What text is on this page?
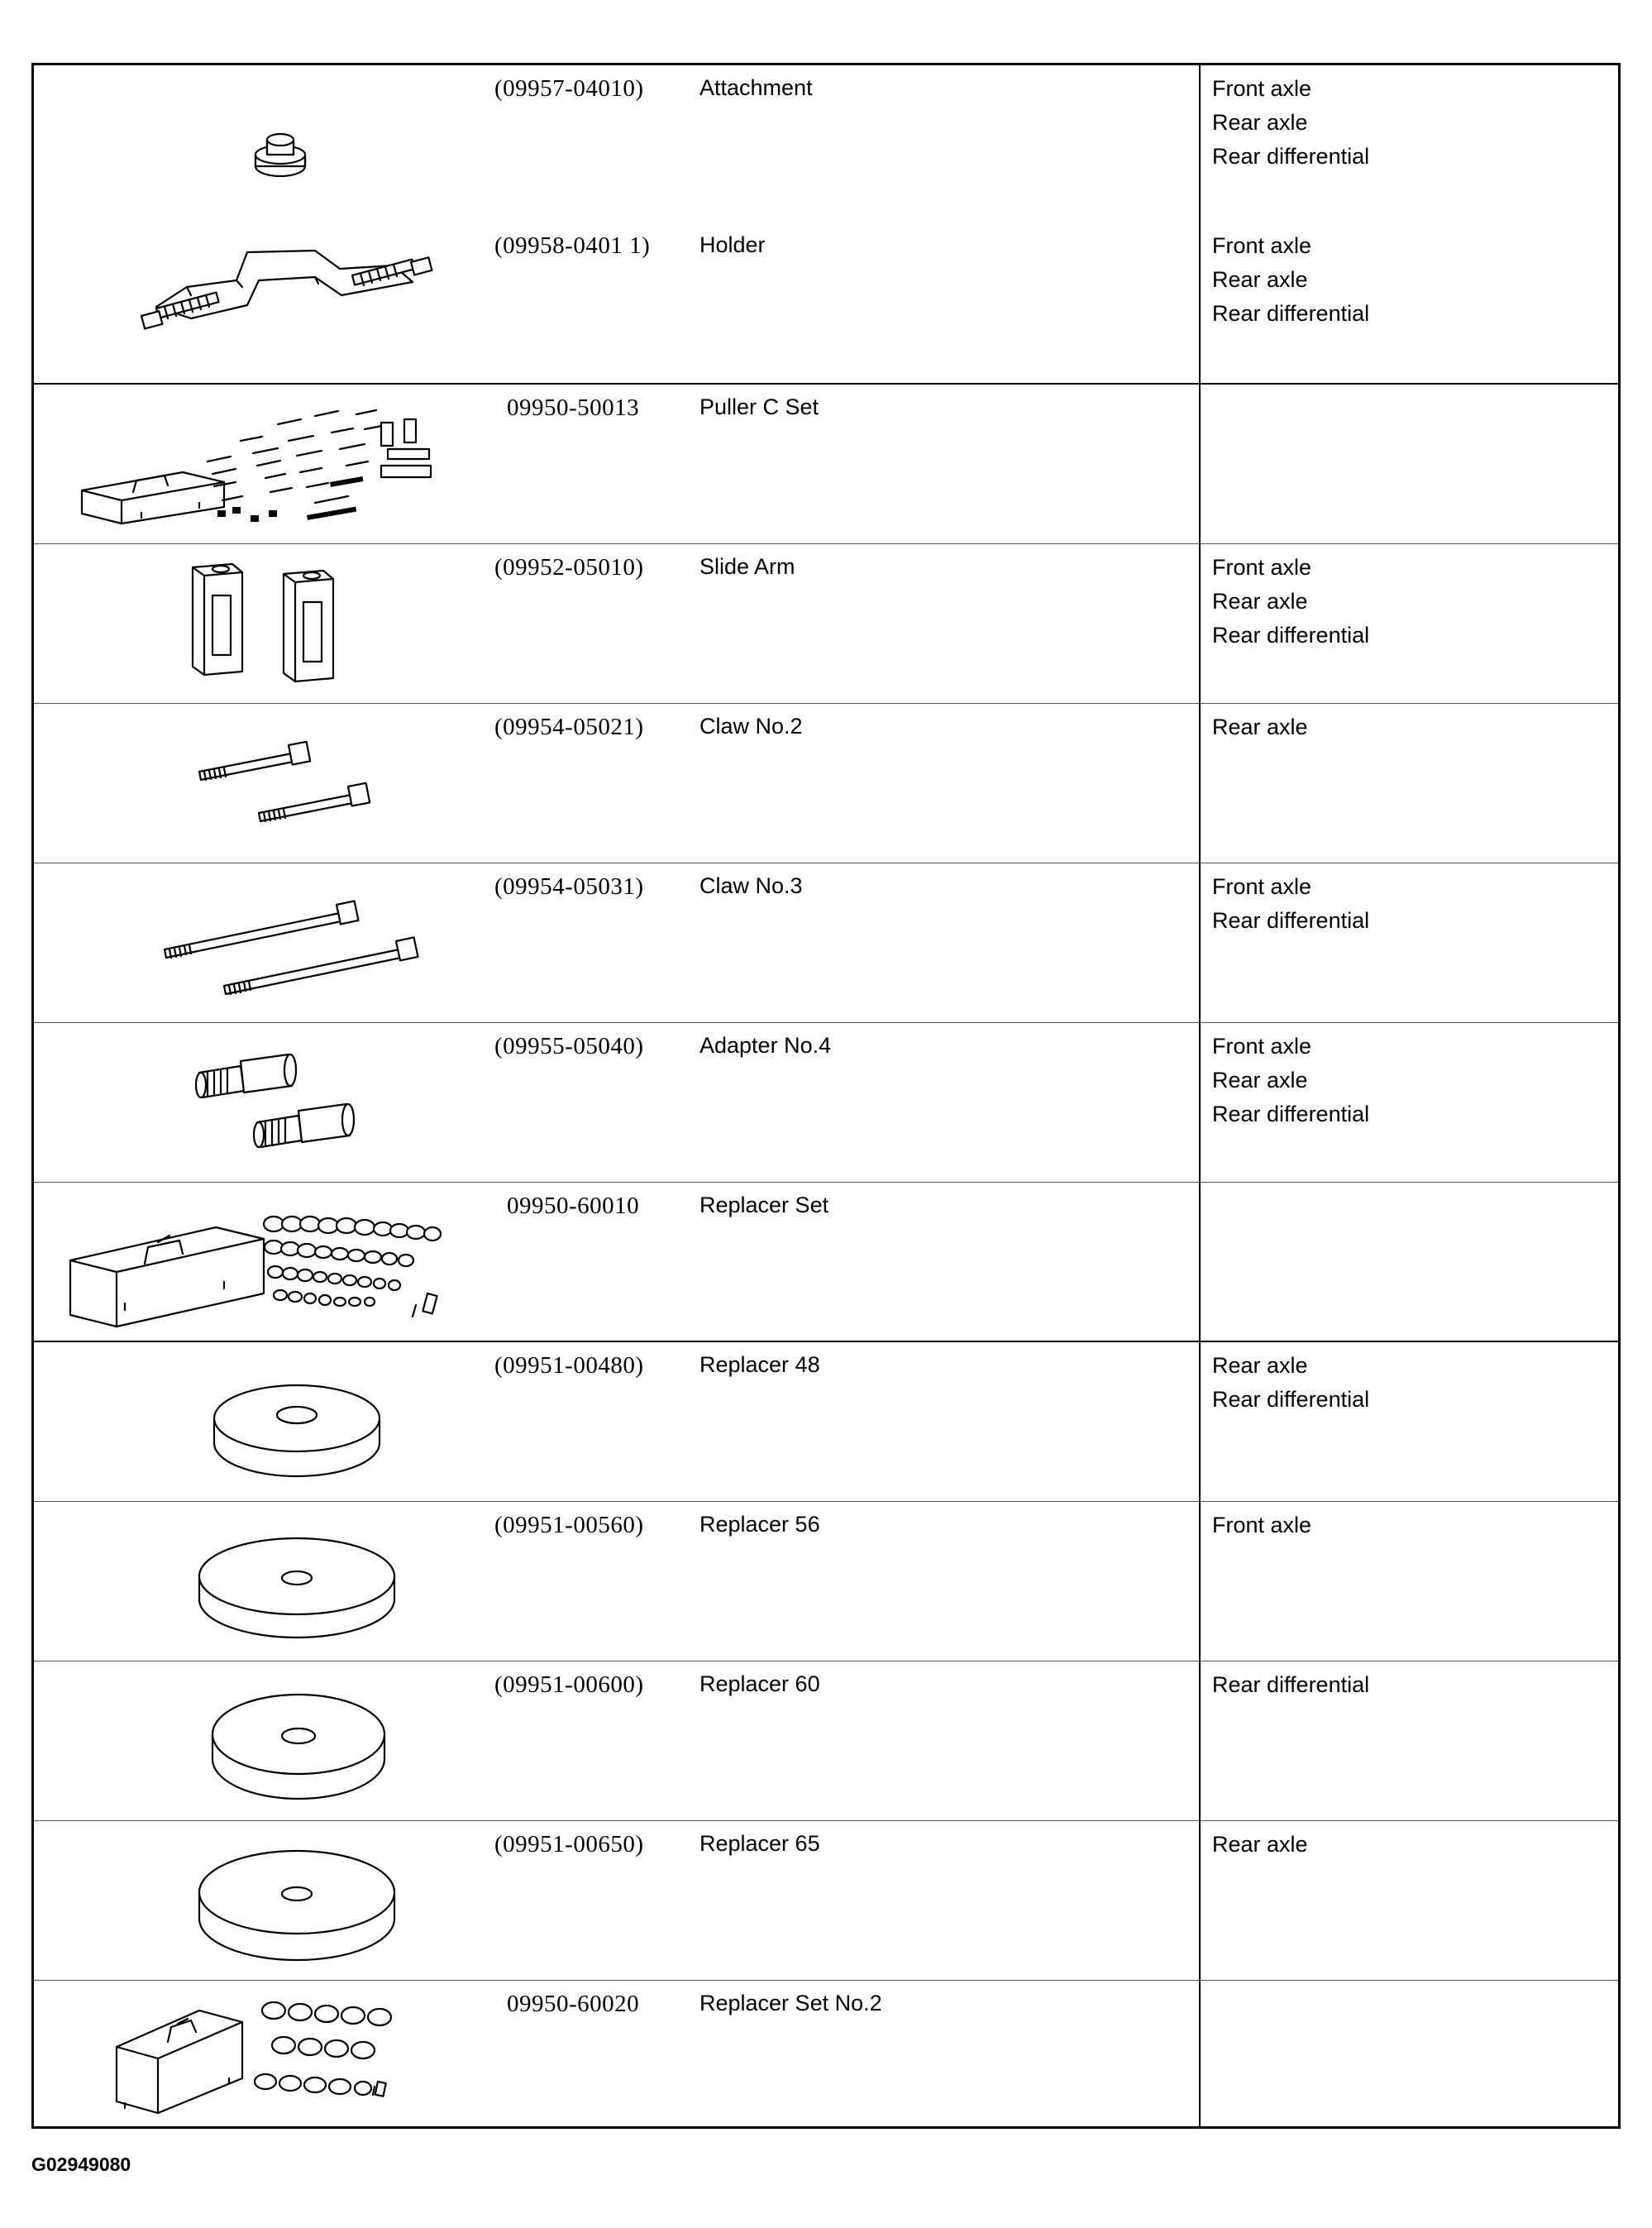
(09957-04010)	Attachment	Front axle
Rear axle
Rear differential
(09958-0401 1) Holder	Front axle
Rear axle
Rear differential
09950-50013	Puller C Set
(09952-05010)	Slide Arm	Front axle
Rear axle
Rear differential
(09954-05021)	Claw No.2	Rear axle
(09954-05031)	Claw No.3	Front axle
Rear differential
(09955-05040)	Adapter No.4	Front axle
Rear axle
Rear differential
09950-60010	Replacer Set
(09951-00480)	Replacer 48	Rear axle
Rear differential
(09951-00560)	Replacer 56	Front axle
(09951-00600)	Replacer 60	Rear differential
(09951-00650)	Replacer 65	Rear axle
09950-60020	Replacer Set No.2
G02949080
